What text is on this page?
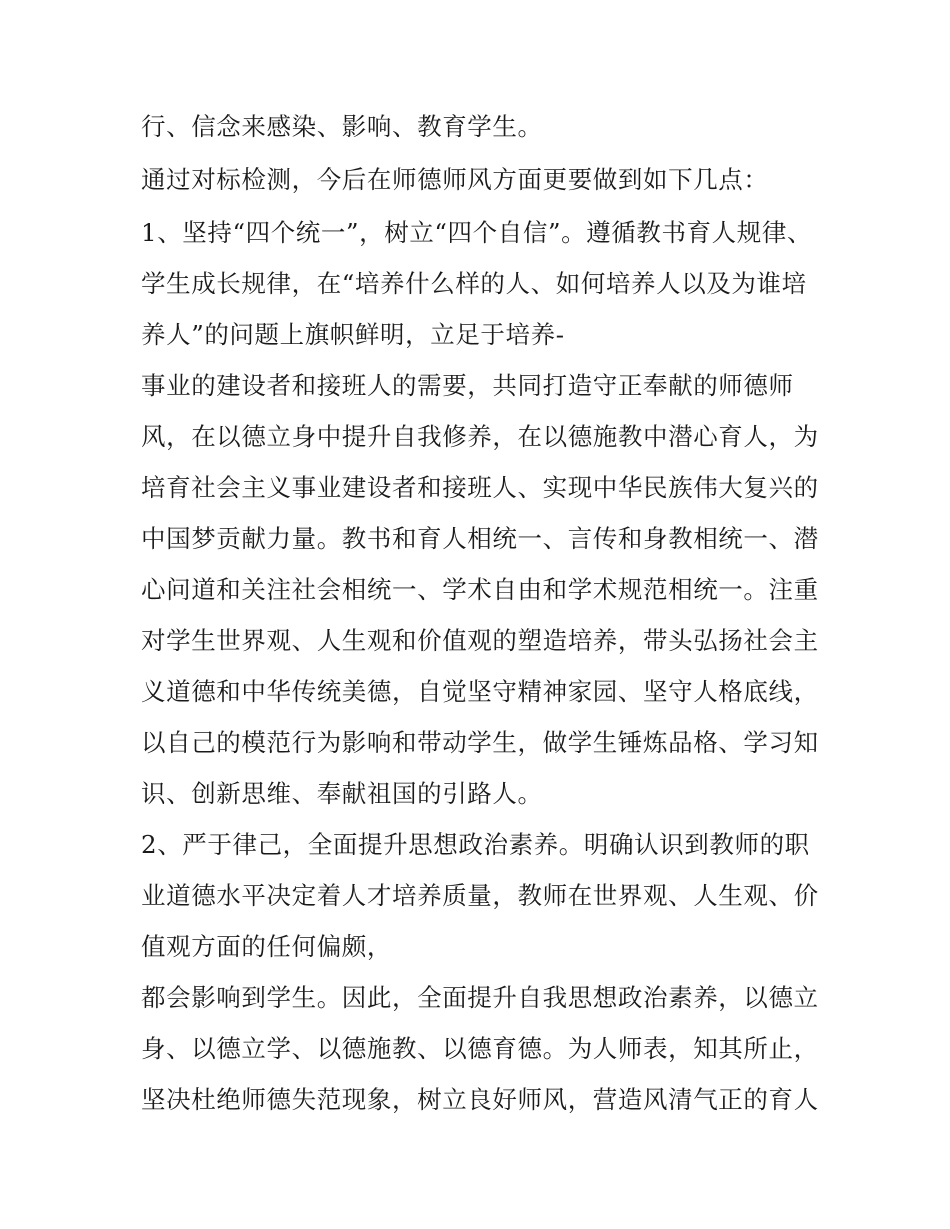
行、信念来感染、影响、教育学生。
通过对标检测，今后在师德师风方面更要做到如下几点：
1、坚持“四个统一”，树立“四个自信”。遵循教书育人规律、
学生成长规律，在“培养什么样的人、如何培养人以及为谁培
养人”的问题上旗帜鲜明，立足于培养-
事业的建设者和接班人的需要，共同打造守正奉献的师德师
风，在以德立身中提升自我修养，在以德施教中潜心育人，为
培育社会主义事业建设者和接班人、实现中华民族伟大复兴的
中国梦贡献力量。教书和育人相统一、言传和身教相统一、潜
心问道和关注社会相统一、学术自由和学术规范相统一。注重
对学生世界观、人生观和价值观的塑造培养，带头弘扬社会主
义道德和中华传统美德，自觉坚守精神家园、坚守人格底线，
以自己的模范行为影响和带动学生，做学生锤炼品格、学习知
识、创新思维、奉献祖国的引路人。
2、严于律己，全面提升思想政治素养。明确认识到教师的职
业道德水平决定着人才培养质量，教师在世界观、人生观、价
值观方面的任何偏颇，
都会影响到学生。因此，全面提升自我思想政治素养，以德立
身、以德立学、以德施教、以德育德。为人师表，知其所止，
坚决杜绝师德失范现象，树立良好师风，营造风清气正的育人
